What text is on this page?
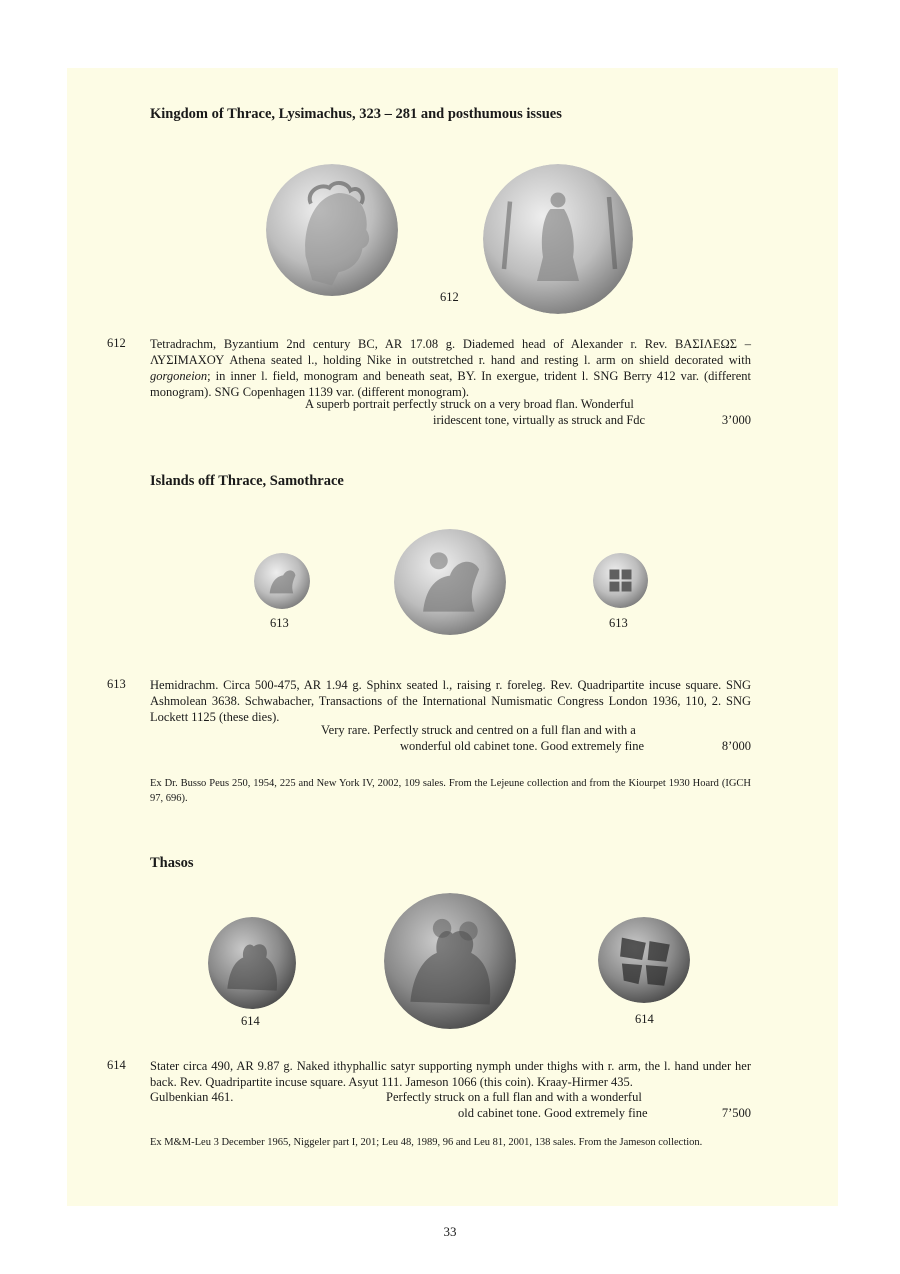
Kingdom of Thrace, Lysimachus, 323 – 281 and posthumous issues
612
612 Tetradrachm, Byzantium 2nd century BC, AR 17.08 g. Diademed head of Alexander r. Rev. ΒΑΣΙΛΕΩΣ – ΛΥΣΙΜΑΧΟΥ Athena seated l., holding Nike in outstretched r. hand and resting l. arm on shield decorated with gorgoneion; in inner l. field, monogram and beneath seat, BY. In exergue, trident l. SNG Berry 412 var. (different monogram). SNG Copenhagen 1139 var. (different monogram).
A superb portrait perfectly struck on a very broad flan. Wonderful
iridescent tone, virtually as struck and Fdc	3’000
Islands off Thrace, Samothrace
613	613
613 Hemidrachm. Circa 500-475, AR 1.94 g. Sphinx seated l., raising r. foreleg. Rev. Quadripartite incuse square. SNG Ashmolean 3638. Schwabacher, Transactions of the International Numismatic Congress London 1936, 110, 2. SNG Lockett 1125 (these dies).
Very rare. Perfectly struck and centred on a full flan and with a
wonderful old cabinet tone. Good extremely fine	8’000
Ex Dr. Busso Peus 250, 1954, 225 and New York IV, 2002, 109 sales. From the Lejeune collection and from the Kiourpet 1930 Hoard (IGCH 97, 696).
Thasos
614	614
614 Stater circa 490, AR 9.87 g. Naked ithyphallic satyr supporting nymph under thighs with r. arm, the l. hand under her back. Rev. Quadripartite incuse square. Asyut 111. Jameson 1066 (this coin). Kraay-Hirmer 435.
Gulbenkian 461.	Perfectly struck on a full flan and with a wonderful
old cabinet tone. Good extremely fine	7’500
Ex M&M-Leu 3 December 1965, Niggeler part I, 201; Leu 48, 1989, 96 and Leu 81, 2001, 138 sales. From the Jameson collection.
33
